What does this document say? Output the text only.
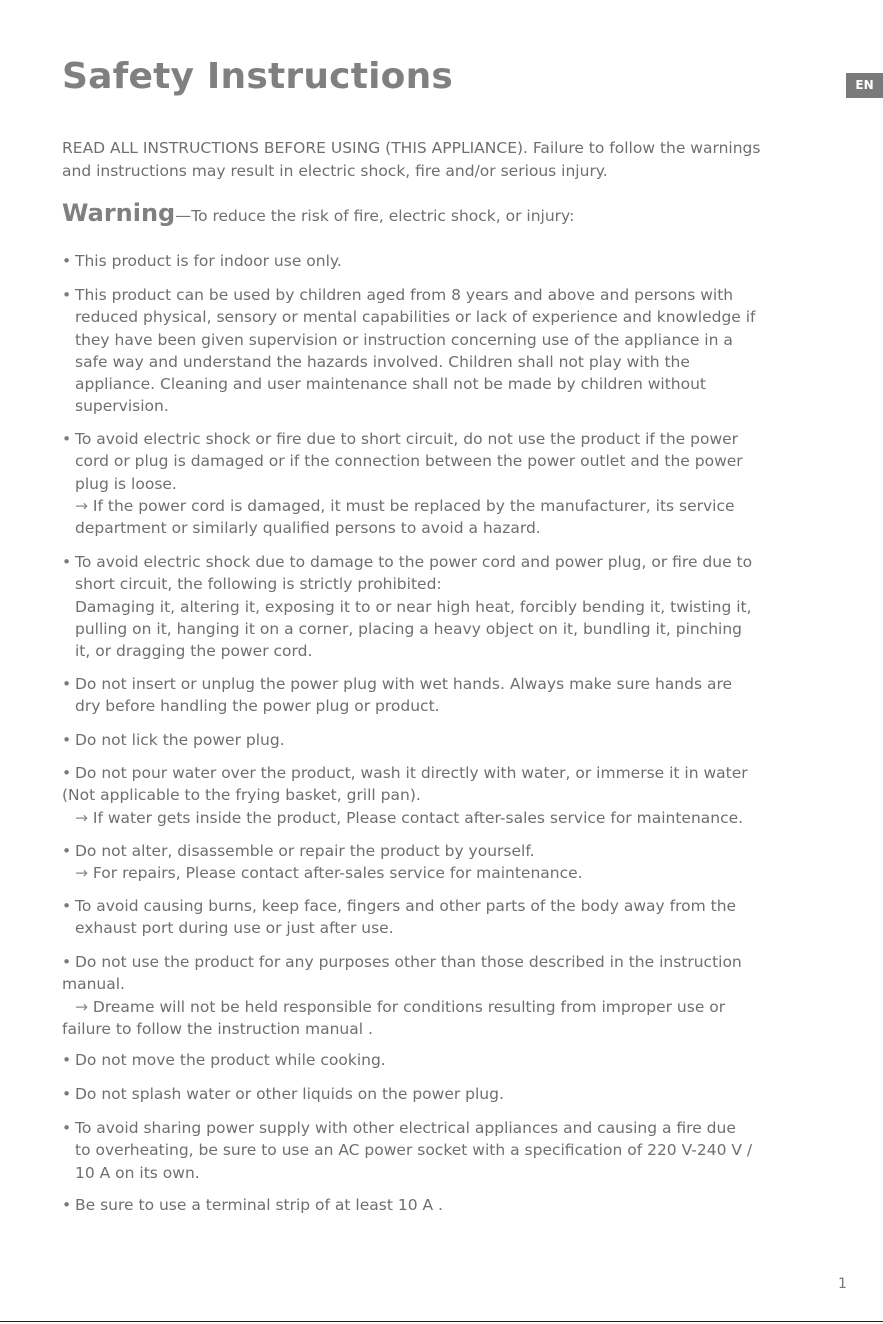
Safety Instructions	EN
READ ALL INSTRUCTIONS BEFORE USING (THIS APPLIANCE). Failure to follow the warnings
and instructions may result in electric shock, fire and/or serious injury.
Warning—To reduce the risk of fire, electric shock, or injury:
• This product is for indoor use only.
• This product can be used by children aged from 8 years and above and persons with
reduced physical, sensory or mental capabilities or lack of experience and knowledge if
they have been given supervision or instruction concerning use of the appliance in a
safe way and understand the hazards involved. Children shall not play with the
appliance. Cleaning and user maintenance shall not be made by children without
supervision.
• To avoid electric shock or fire due to short circuit, do not use the product if the power
cord or plug is damaged or if the connection between the power outlet and the power
plug is loose.
→ If the power cord is damaged, it must be replaced by the manufacturer, its service
department or similarly qualified persons to avoid a hazard.
• To avoid electric shock due to damage to the power cord and power plug, or fire due to
short circuit, the following is strictly prohibited:
Damaging it, altering it, exposing it to or near high heat, forcibly bending it, twisting it,
pulling on it, hanging it on a corner, placing a heavy object on it, bundling it, pinching
it, or dragging the power cord.
• Do not insert or unplug the power plug with wet hands. Always make sure hands are
dry before handling the power plug or product.
• Do not lick the power plug.
• Do not pour water over the product, wash it directly with water, or immerse it in water
(Not applicable to the frying basket, grill pan).
→ If water gets inside the product, Please contact after-sales service for maintenance.
• Do not alter, disassemble or repair the product by yourself.
→ For repairs, Please contact after-sales service for maintenance.
• To avoid causing burns, keep face, fingers and other parts of the body away from the
exhaust port during use or just after use.
• Do not use the product for any purposes other than those described in the instruction
manual.
→ Dreame will not be held responsible for conditions resulting from improper use or
failure to follow the instruction manual .
• Do not move the product while cooking.
• Do not splash water or other liquids on the power plug.
• To avoid sharing power supply with other electrical appliances and causing a fire due
to overheating, be sure to use an AC power socket with a specification of 220 V-240 V /
10 A on its own.
• Be sure to use a terminal strip of at least 10 A .
1
